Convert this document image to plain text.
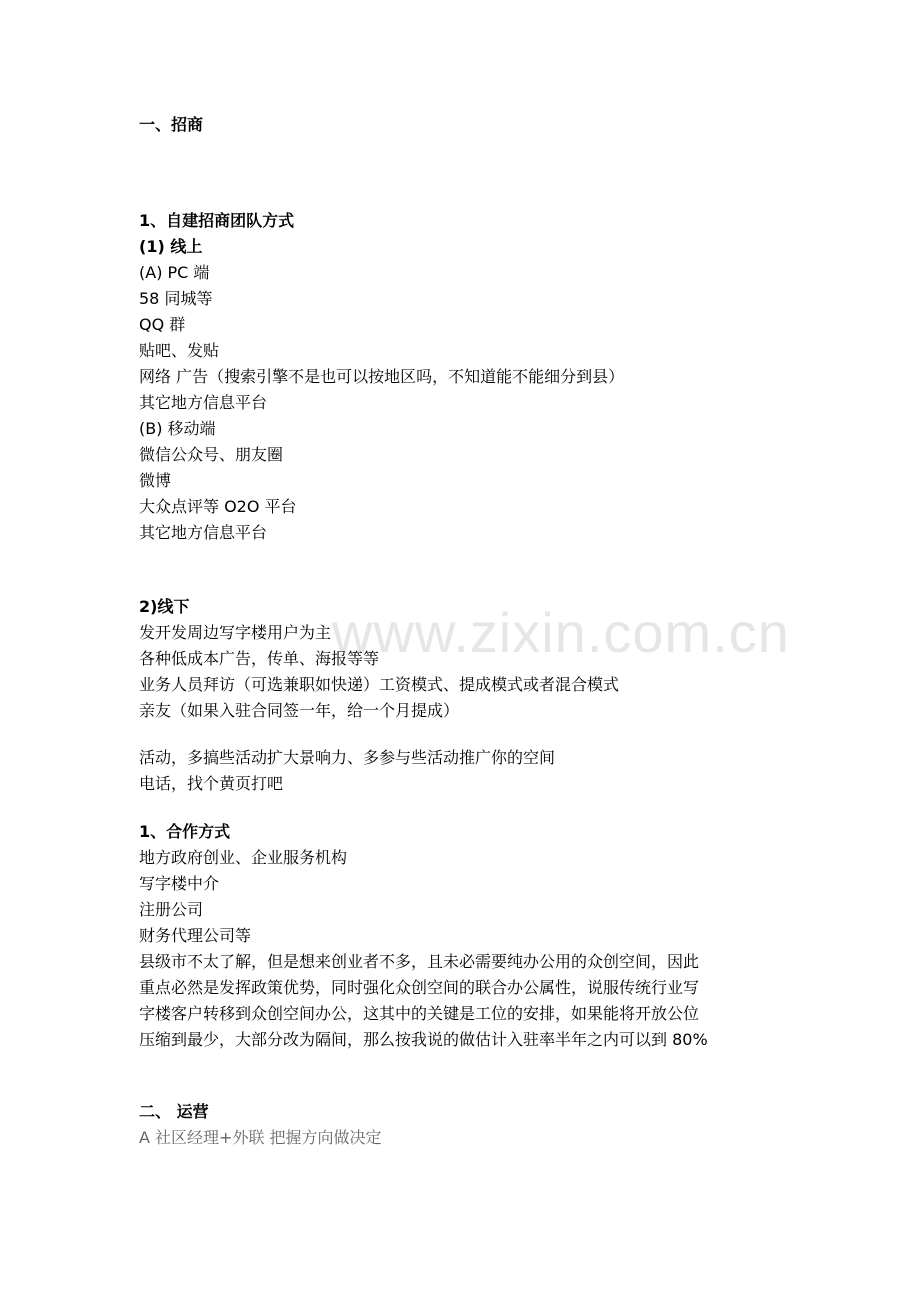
www.zixin.com.cn
一、招商
1、自建招商团队方式
(1) 线上
(A) PC 端
58 同城等
QQ 群
贴吧、发贴
网络 广告（搜索引擎不是也可以按地区吗，不知道能不能细分到县）
其它地方信息平台
(B) 移动端
微信公众号、朋友圈
微博
大众点评等 O2O 平台
其它地方信息平台
2)线下
发开发周边写字楼用户为主
各种低成本广告，传单、海报等等
业务人员拜访（可选兼职如快递）工资模式、提成模式或者混合模式
亲友（如果入驻合同签一年，给一个月提成）
活动，多搞些活动扩大景响力、多参与些活动推广你的空间
电话，找个黄页打吧
1、合作方式
地方政府创业、企业服务机构
写字楼中介
注册公司
财务代理公司等
县级市不太了解，但是想来创业者不多，且未必需要纯办公用的众创空间，因此
重点必然是发挥政策优势，同时强化众创空间的联合办公属性，说服传统行业写
字楼客户转移到众创空间办公，这其中的关键是工位的安排，如果能将开放公位
压缩到最少，大部分改为隔间，那么按我说的做估计入驻率半年之内可以到 80%
二、 运营
A 社区经理+外联 把握方向做决定
